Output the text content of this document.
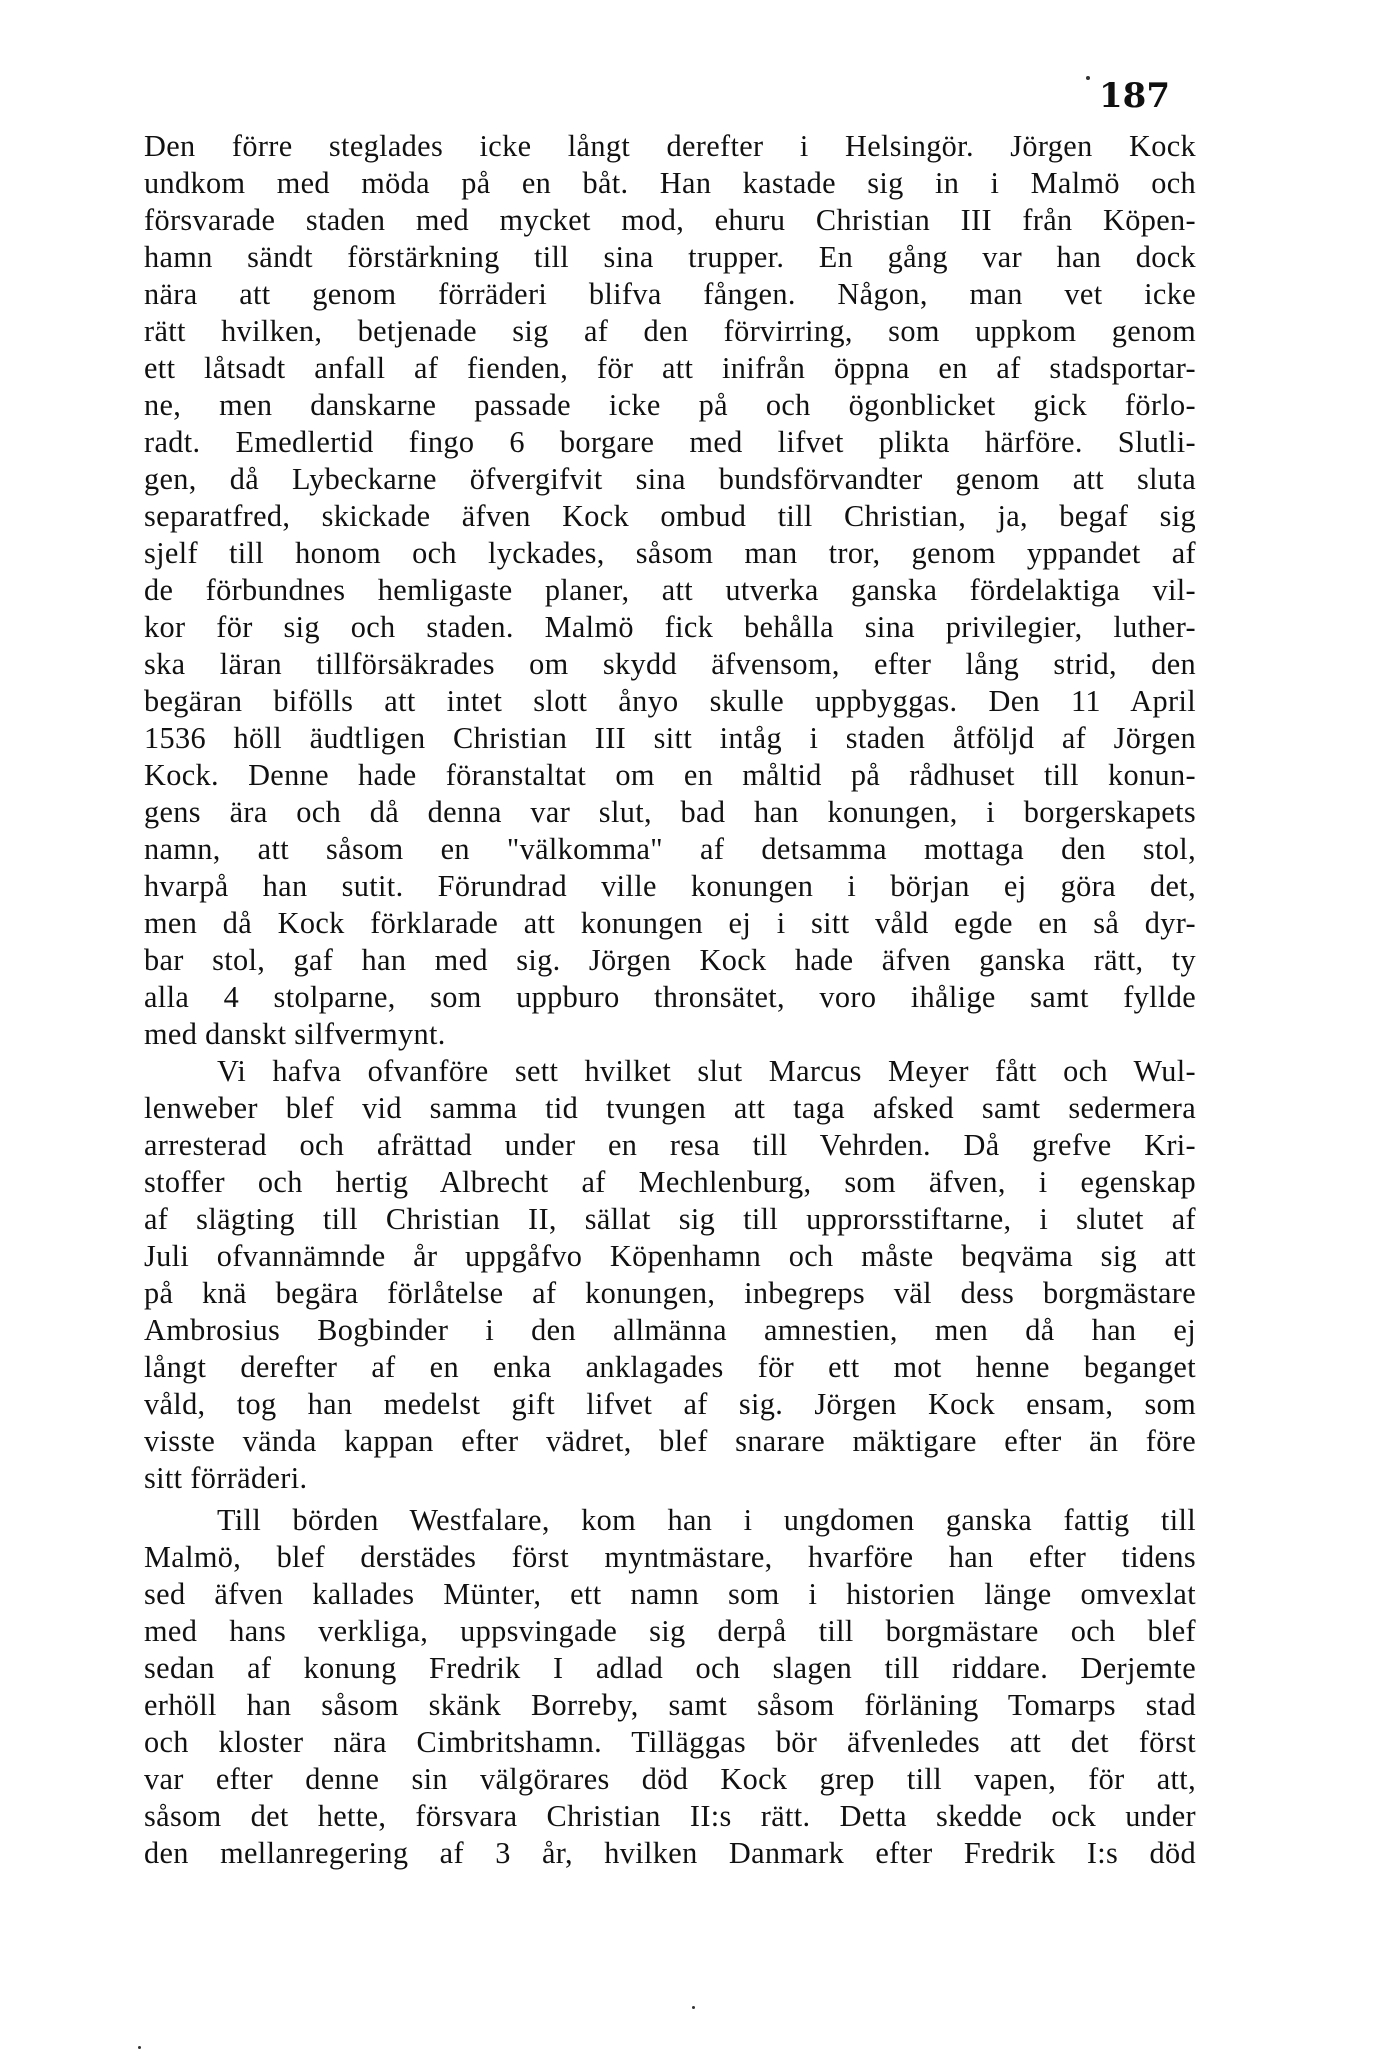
187
Den förre steglades icke långt derefter i Helsingör. Jörgen Kock
undkom med möda på en båt. Han kastade sig in i Malmö och
försvarade staden med mycket mod, ehuru Christian III från Köpen-
hamn sändt förstärkning till sina trupper. En gång var han dock
nära att genom förräderi blifva fången. Någon, man vet icke
rätt hvilken, betjenade sig af den förvirring, som uppkom genom
ett låtsadt anfall af fienden, för att inifrån öppna en af stadsportar-
ne, men danskarne passade icke på och ögonblicket gick förlo-
radt. Emedlertid fingo 6 borgare med lifvet plikta härföre. Slutli-
gen, då Lybeckarne öfvergifvit sina bundsförvandter genom att sluta
separatfred, skickade äfven Kock ombud till Christian, ja, begaf sig
sjelf till honom och lyckades, såsom man tror, genom yppandet af
de förbundnes hemligaste planer, att utverka ganska fördelaktiga vil-
kor för sig och staden. Malmö fick behålla sina privilegier, luther-
ska läran tillförsäkrades om skydd äfvensom, efter lång strid, den
begäran bifölls att intet slott ånyo skulle uppbyggas. Den 11 April
1536 höll äudtligen Christian III sitt intåg i staden åtföljd af Jörgen
Kock. Denne hade föranstaltat om en måltid på rådhuset till konun-
gens ära och då denna var slut, bad han konungen, i borgerskapets
namn, att såsom en "välkomma" af detsamma mottaga den stol,
hvarpå han sutit. Förundrad ville konungen i början ej göra det,
men då Kock förklarade att konungen ej i sitt våld egde en så dyr-
bar stol, gaf han med sig. Jörgen Kock hade äfven ganska rätt, ty
alla 4 stolparne, som uppburo thronsätet, voro ihålige samt fyllde
med danskt silfvermynt.
Vi hafva ofvanföre sett hvilket slut Marcus Meyer fått och Wul-
lenweber blef vid samma tid tvungen att taga afsked samt sedermera
arresterad och afrättad under en resa till Vehrden. Då grefve Kri-
stoffer och hertig Albrecht af Mechlenburg, som äfven, i egenskap
af slägting till Christian II, sällat sig till upprorsstiftarne, i slutet af
Juli ofvannämnde år uppgåfvo Köpenhamn och måste beqväma sig att
på knä begära förlåtelse af konungen, inbegreps väl dess borgmästare
Ambrosius Bogbinder i den allmänna amnestien, men då han ej
långt derefter af en enka anklagades för ett mot henne beganget
våld, tog han medelst gift lifvet af sig. Jörgen Kock ensam, som
visste vända kappan efter vädret, blef snarare mäktigare efter än före
sitt förräderi.
Till börden Westfalare, kom han i ungdomen ganska fattig till
Malmö, blef derstädes först myntmästare, hvarföre han efter tidens
sed äfven kallades Münter, ett namn som i historien länge omvexlat
med hans verkliga, uppsvingade sig derpå till borgmästare och blef
sedan af konung Fredrik I adlad och slagen till riddare. Derjemte
erhöll han såsom skänk Borreby, samt såsom förläning Tomarps stad
och kloster nära Cimbritshamn. Tilläggas bör äfvenledes att det först
var efter denne sin välgörares död Kock grep till vapen, för att,
såsom det hette, försvara Christian II:s rätt. Detta skedde ock under
den mellanregering af 3 år, hvilken Danmark efter Fredrik I:s död
